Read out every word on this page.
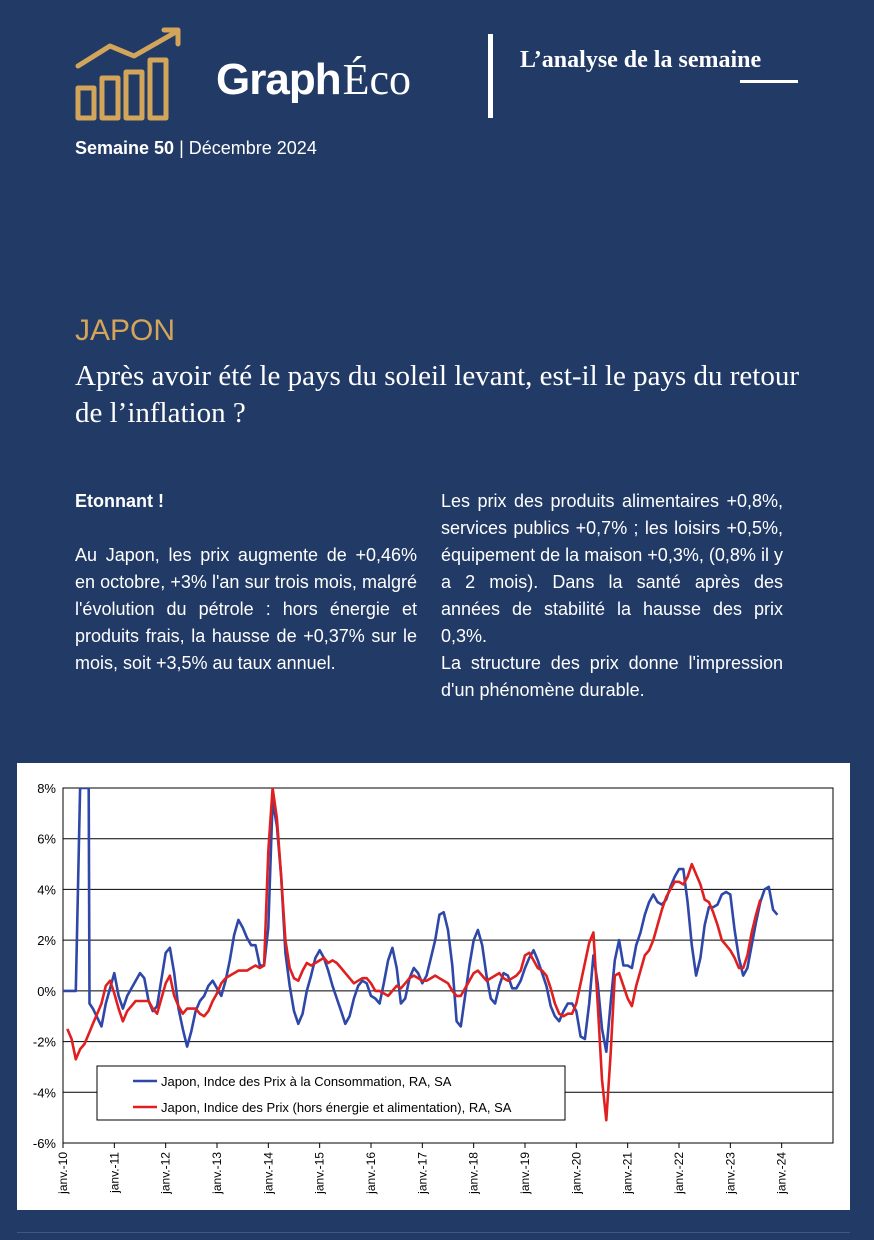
GraphÉco	L’analyse de la semaine
Semaine 50 | Décembre 2024
JAPON
Après avoir été le pays du soleil levant, est-il le pays du retour de l’inflation ?

Etonnant !

Au Japon, les prix augmente de +0,46% en octobre, +3% l'an sur trois mois, malgré l'évolution du pétrole : hors énergie et produits frais, la hausse de +0,37% sur le mois, soit +3,5% au taux annuel.

Les prix des produits alimentaires +0,8%, services publics +0,7% ; les loisirs +0,5%, équipement de la maison +0,3%, (0,8% il y a 2 mois). Dans la santé après des années de stabilité la hausse des prix 0,3%.

La structure des prix donne l'impression d'un phénomène durable.

8%
6%
4%
2%
0%
-2%
-4%
-6%
janv.-10	janv.-11	janv.-12	janv.-13	janv.-14	janv.-15	janv.-16	janv.-17	janv.-18	janv.-19	janv.-20	janv.-21	janv.-22	janv.-23	janv.-24
Japon, Indce des Prix à la Consommation, RA, SA
Japon, Indice des Prix (hors énergie et alimentation), RA, SA
